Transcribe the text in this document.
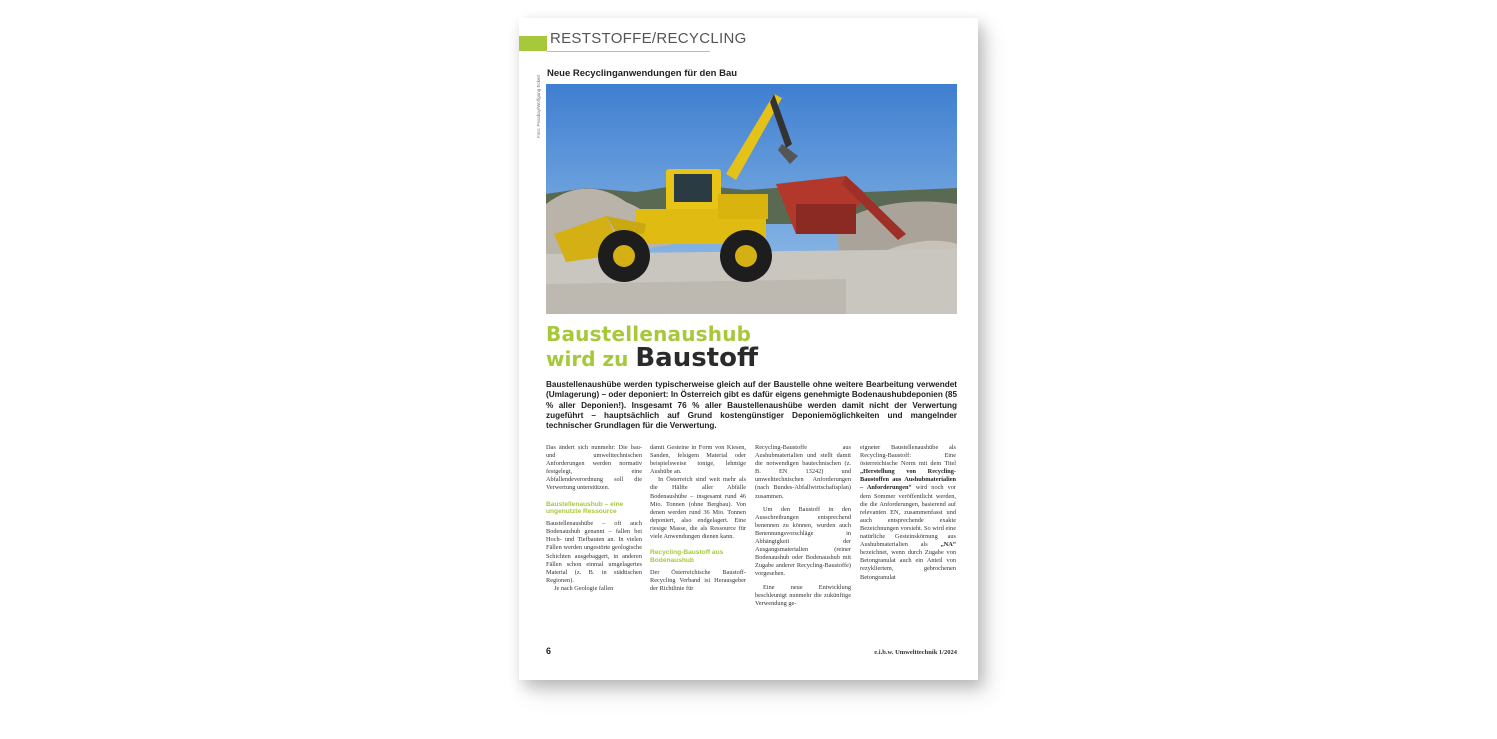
RESTSTOFFE/RECYCLING
Neue Recyclinganwendungen für den Bau
Foto: Pexabay/Wolfgang Eckert
Baustellenaushub
wird zu Baustoff
Baustellenaushübe werden typischerweise gleich auf der Baustelle ohne weitere Bearbeitung verwendet (Umlagerung) – oder deponiert: In Österreich gibt es dafür eigens genehmigte Bodenaushubdeponien (85 % aller Deponien!). Insgesamt 76 % aller Baustellenaushübe werden damit nicht der Verwertung zugeführt – hauptsächlich auf Grund kostengünstiger Deponiemöglichkeiten und mangelnder technischer Grundlagen für die Verwertung.

Das ändert sich nunmehr: Die bau- und umwelttechnischen Anforderungen werden normativ festgelegt, eine Abfallendeverordnung soll die Verwertung unterstützen.

Baustellenaushub – eine ungenutzte Ressource

Baustellenaushübe – oft auch Bodenaushub genannt – fallen bei Hoch- und Tiefbauten an. In vielen Fällen werden ungestörte geologische Schichten ausgebaggert, in anderen Fällen schon einmal umgelagertes Material (z. B. in städtischen Regionen).

Je nach Geologie fallen

damit Gesteine in Form von Kiesen, Sanden, felsigem Material oder beispielsweise tonige, lehmige Aushübe an.

In Österreich sind weit mehr als die Hälfte aller Abfälle Bodenaushübe – insgesamt rund 46 Mio. Tonnen (ohne Bergbau). Von denen werden rund 36 Mio. Tonnen deponiert, also endgelagert. Eine riesige Masse, die als Ressource für viele Anwendungen dienen kann.

Recycling-Baustoff aus Bodenaushub

Der Österreichische Baustoff-Recycling Verband ist Herausgeber der Richtlinie für

Recycling-Baustoffe aus Aushubmaterialien und stellt damit die notwendigen bautechnischen (z. B. EN 13242) und umwelttechnischen Anforderungen (nach Bundes-Abfallwirtschaftsplan) zusammen.

Um den Baustoff in den Ausschreibungen entsprechend benennen zu können, wurden auch Benennungsvorschläge in Abhängigkeit der Ausgangsmaterialien (reiner Bodenaushub oder Bodenaushub mit Zugabe anderer Recycling-Baustoffe) vorgesehen.

Eine neue Entwicklung beschleunigt nunmehr die zukünftige Verwendung ge-

eigneter Baustellenaushübe als Recycling-Baustoff: Eine österreichische Norm mit dem Titel „Herstellung von Recycling-Baustoffen aus Aushubmaterialien – Anforderungen“ wird noch vor dem Sommer veröffentlicht werden, die die Anforderungen, basierend auf relevanten EN, zusammenfasst und auch entsprechende exakte Bezeichnungen vorsieht. So wird eine natürliche Gesteinskörnung aus Aushubmaterialien als „NA“ bezeichnet, wenn durch Zugabe von Betongranulat auch ein Anteil von rezykliertem, gebrochenen Betongranulat

6	e.i.b.w. Umwelttechnik 1/2024
